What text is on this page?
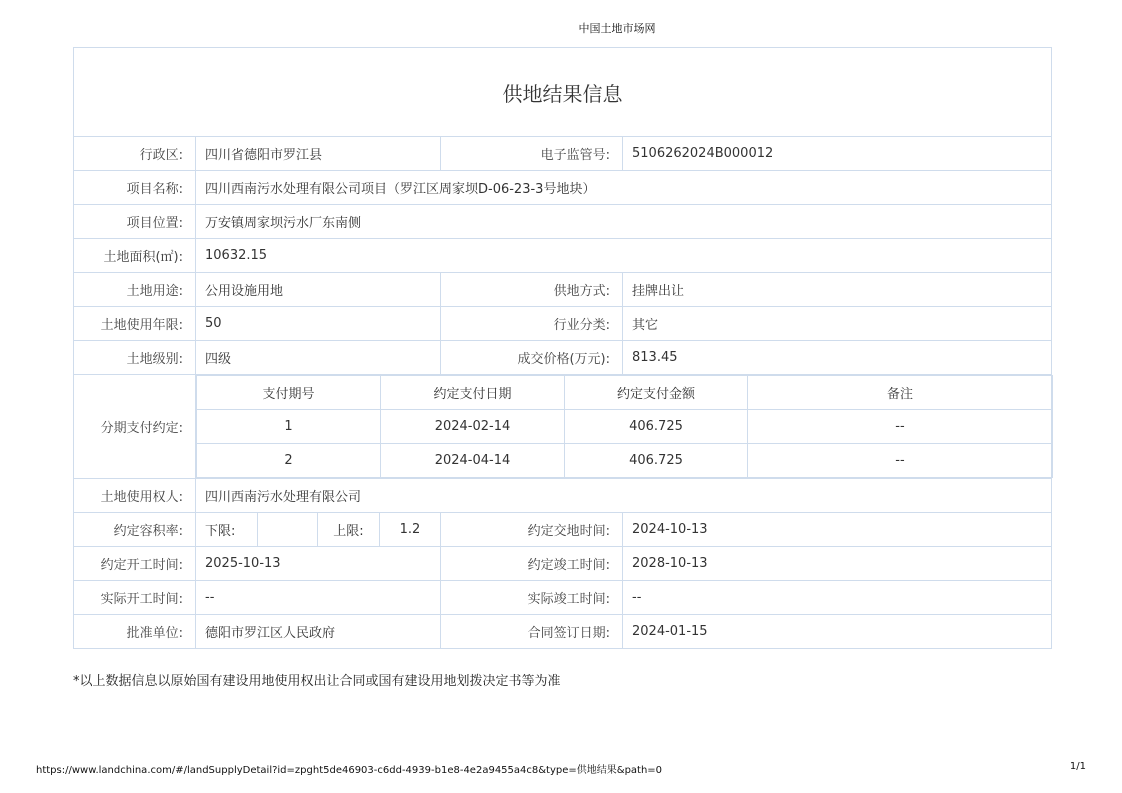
中国土地市场网
供地结果信息
行政区:	四川省德阳市罗江县	电子监管号:	5106262024B000012
项目名称:	四川西南污水处理有限公司项目（罗江区周家坝D-06-23-3号地块）
项目位置:	万安镇周家坝污水厂东南侧
土地面积(㎡):	10632.15
土地用途:	公用设施用地	供地方式:	挂牌出让
土地使用年限:	50	行业分类:	其它
土地级别:	四级	成交价格(万元):	813.45
分期支付约定:	
支付期号	约定支付日期	约定支付金额	备注
1	2024-02-14	406.725	--
2	2024-04-14	406.725	--

土地使用权人:	四川西南污水处理有限公司
约定容积率:	下限:		上限:	1.2	约定交地时间:	2024-10-13
约定开工时间:	2025-10-13	约定竣工时间:	2028-10-13
实际开工时间:	--	实际竣工时间:	--
批准单位:	德阳市罗江区人民政府	合同签订日期:	2024-01-15
*以上数据信息以原始国有建设用地使用权出让合同或国有建设用地划拨决定书等为准
https://www.landchina.com/#/landSupplyDetail?id=zpght5de46903-c6dd-4939-b1e8-4e2a9455a4c8&type=供地结果&path=0	1/1
